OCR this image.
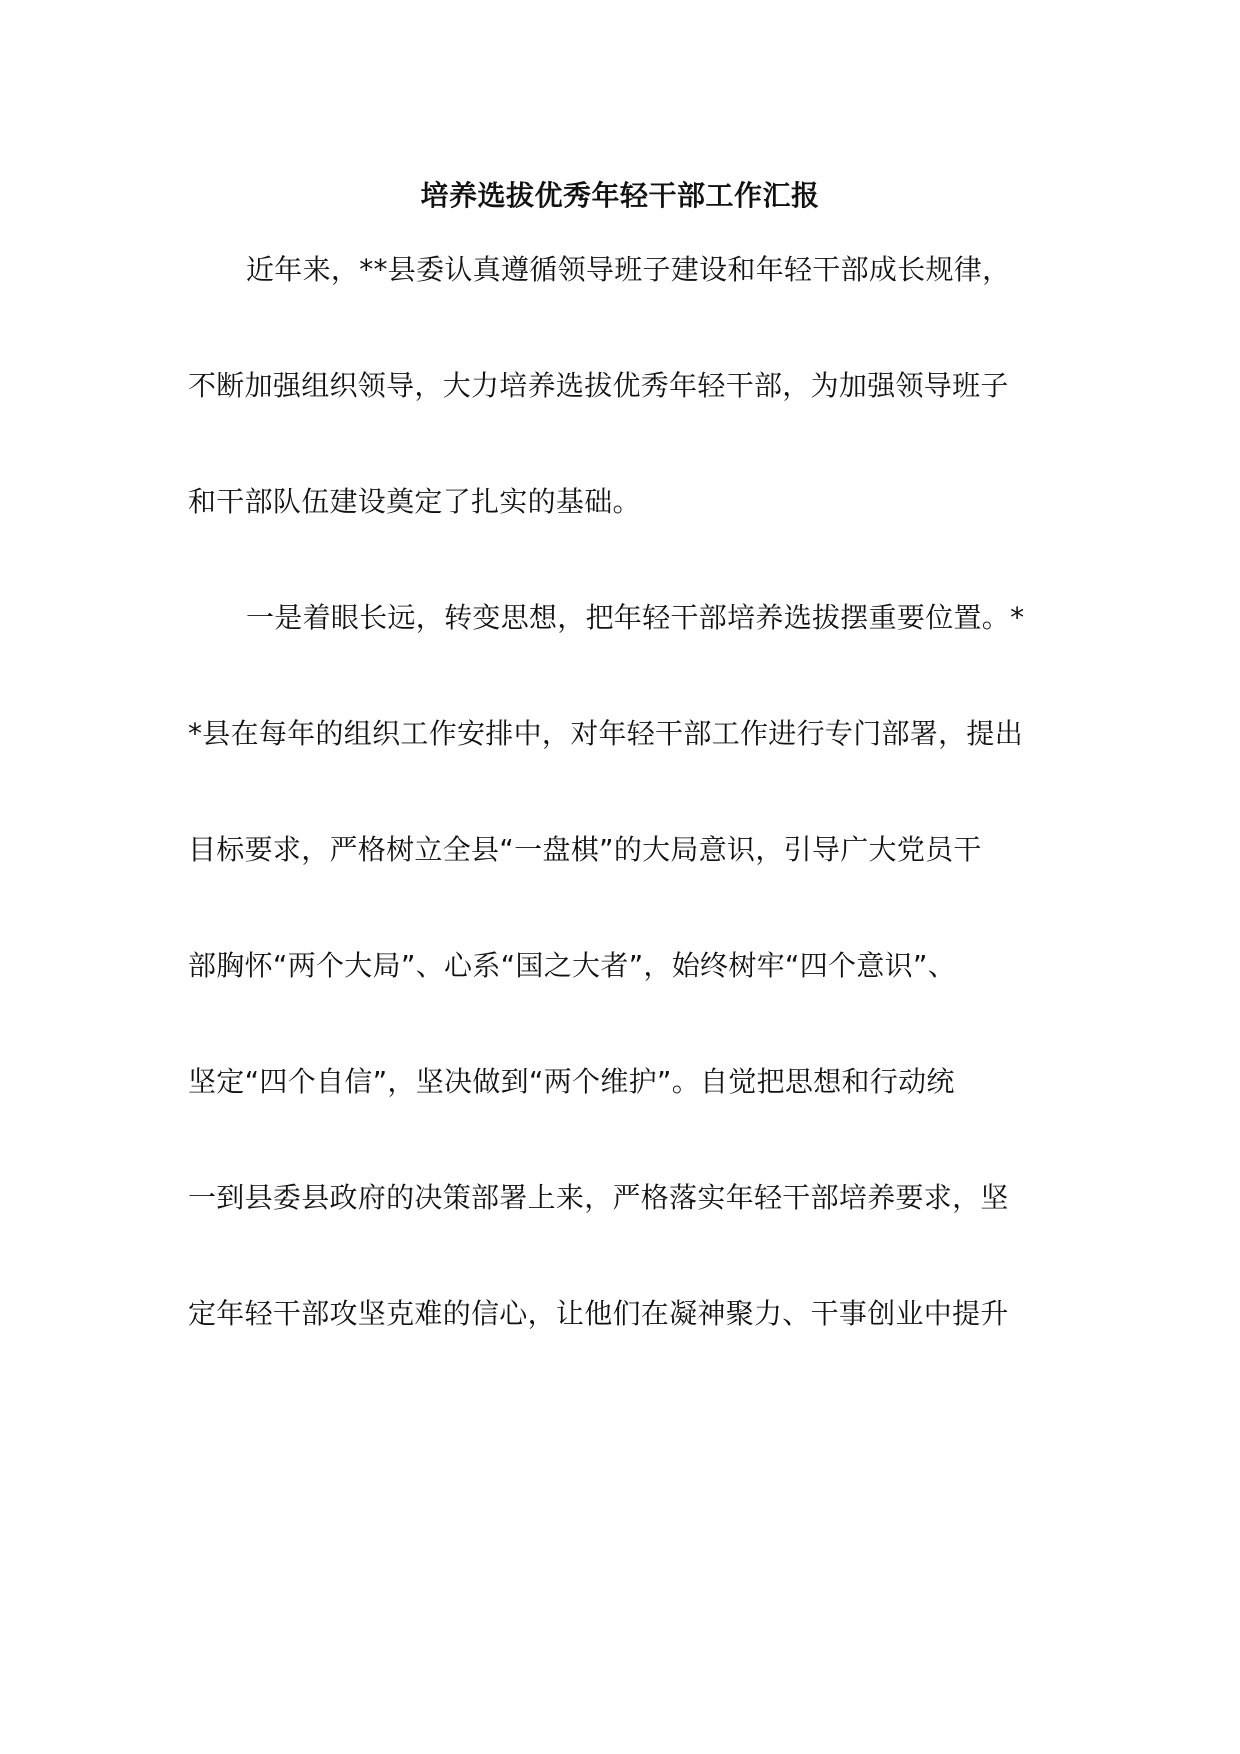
培养选拔优秀年轻干部工作汇报
近年来，**县委认真遵循领导班子建设和年轻干部成长规律，
不断加强组织领导，大力培养选拔优秀年轻干部，为加强领导班子
和干部队伍建设奠定了扎实的基础。
一是着眼长远，转变思想，把年轻干部培养选拔摆重要位置。*
*县在每年的组织工作安排中，对年轻干部工作进行专门部署，提出
目标要求，严格树立全县“一盘棋”的大局意识，引导广大党员干
部胸怀“两个大局”、心系“国之大者”，始终树牢“四个意识”、
坚定“四个自信”，坚决做到“两个维护”。自觉把思想和行动统
一到县委县政府的决策部署上来，严格落实年轻干部培养要求，坚
定年轻干部攻坚克难的信心，让他们在凝神聚力、干事创业中提升
